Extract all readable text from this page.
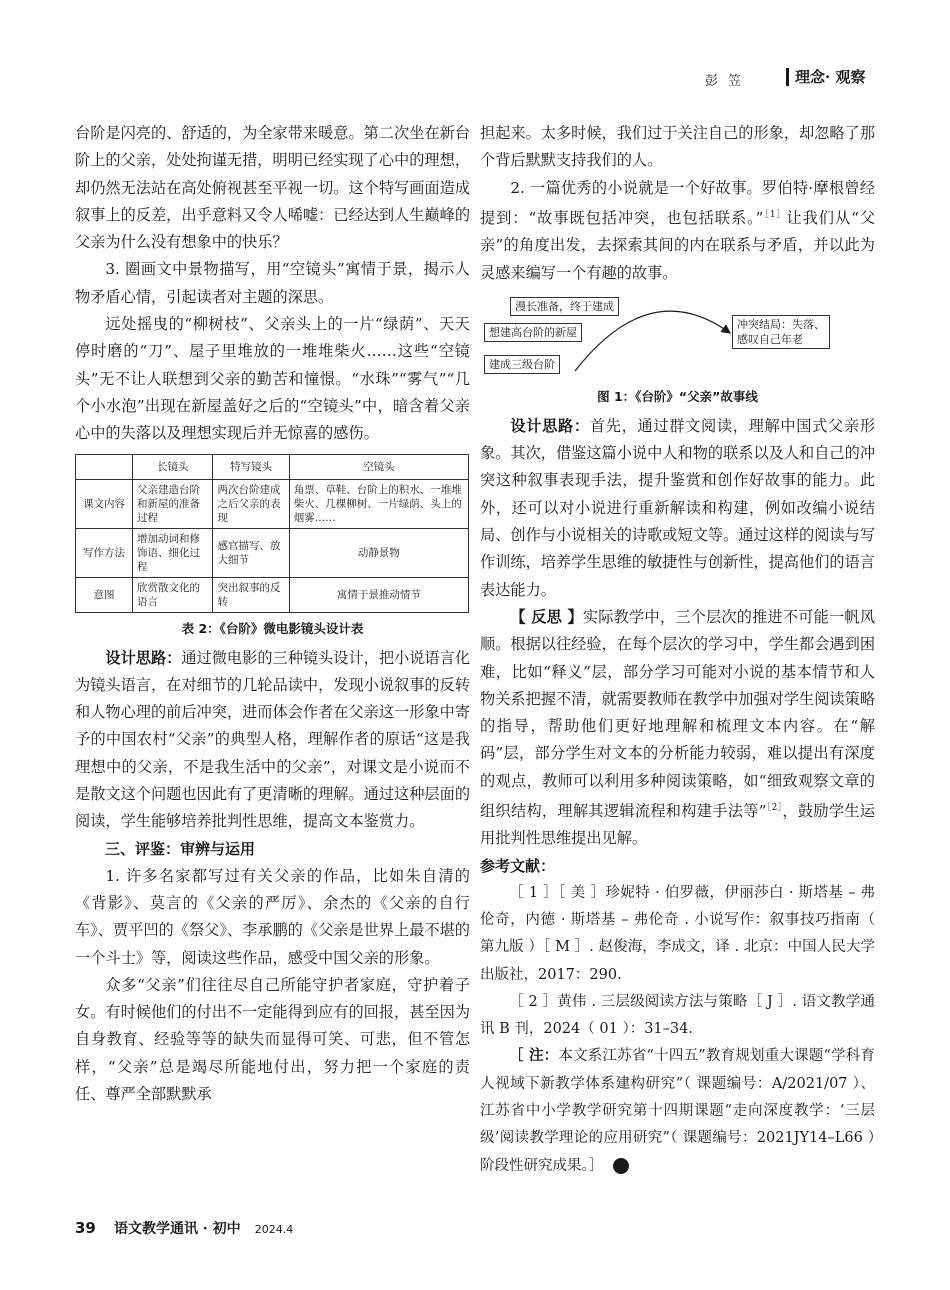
彭笠	理念· 观察

台阶是闪亮的、舒适的，为全家带来暖意。第二次坐在新台阶上的父亲，处处拘谨无措，明明已经实现了心中的理想，却仍然无法站在高处俯视甚至平视一切。这个特写画面造成叙事上的反差，出乎意料又令人唏嘘：已经达到人生巅峰的父亲为什么没有想象中的快乐？

3. 圈画文中景物描写，用“空镜头”寓情于景，揭示人物矛盾心情，引起读者对主题的深思。

远处摇曳的“柳树枝”、父亲头上的一片“绿荫”、天天停时磨的“刀”、屋子里堆放的一堆堆柴火……这些“空镜头”无不让人联想到父亲的勤苦和憧憬。“水珠”“雾气”“几个小水泡”出现在新屋盖好之后的“空镜头”中，暗含着父亲心中的失落以及理想实现后并无惊喜的感伤。

	长镜头	特写镜头	空镜头
课文内容	父亲建造台阶和新屋的准备过程	两次台阶建成之后父亲的表现	角票、草鞋、台阶上的积水、一堆堆柴火、几棵柳树、一片绿荫、头上的烟雾……
写作方法	增加动词和修饰语、细化过程	感官描写、放大细节	动静景物
意图	欣赏散文化的语言	突出叙事的反转	寓情于景推动情节
表 2：《台阶》微电影镜头设计表

设计思路：通过微电影的三种镜头设计，把小说语言化为镜头语言，在对细节的几轮品读中，发现小说叙事的反转和人物心理的前后冲突，进而体会作者在父亲这一形象中寄予的中国农村“父亲”的典型人格，理解作者的原话“这是我理想中的父亲，不是我生活中的父亲”，对课文是小说而不是散文这个问题也因此有了更清晰的理解。通过这种层面的阅读，学生能够培养批判性思维，提高文本鉴赏力。

三、评鉴：审辨与运用

1. 许多名家都写过有关父亲的作品，比如朱自清的《背影》、莫言的《父亲的严厉》、余杰的《父亲的自行车》、贾平凹的《祭父》、李承鹏的《父亲是世界上最不堪的一个斗士》等，阅读这些作品，感受中国父亲的形象。

众多“父亲”们往往尽自己所能守护者家庭，守护着子女。有时候他们的付出不一定能得到应有的回报，甚至因为自身教育、经验等等的缺失而显得可笑、可悲，但不管怎样，“父亲”总是竭尽所能地付出，努力把一个家庭的责任、尊严全部默默承

担起来。太多时候，我们过于关注自己的形象，却忽略了那个背后默默支持我们的人。

2. 一篇优秀的小说就是一个好故事。罗伯特·摩根曾经提到：“故事既包括冲突，也包括联系。”$^{[1]}$让我们从“父亲”的角度出发，去探索其间的内在联系与矛盾，并以此为灵感来编写一个有趣的故事。

漫长准备，终于建成
想建高台阶的新屋
建成三级台阶
冲突结局：失落、
感叹自己年老
图 1：《台阶》“父亲”故事线

设计思路：首先，通过群文阅读，理解中国式父亲形象。其次，借鉴这篇小说中人和物的联系以及人和自己的冲突这种叙事表现手法，提升鉴赏和创作好故事的能力。此外，还可以对小说进行重新解读和构建，例如改编小说结局、创作与小说相关的诗歌或短文等。通过这样的阅读与写作训练，培养学生思维的敏捷性与创新性，提高他们的语言表达能力。

【 反思 】实际教学中，三个层次的推进不可能一帆风顺。根据以往经验，在每个层次的学习中，学生都会遇到困难，比如“释义”层，部分学习可能对小说的基本情节和人物关系把握不清，就需要教师在教学中加强对学生阅读策略的指导，帮助他们更好地理解和梳理文本内容。在“解码”层，部分学生对文本的分析能力较弱，难以提出有深度的观点，教师可以利用多种阅读策略，如“细致观察文章的组织结构，理解其逻辑流程和构建手法等”$^{[2]}$，鼓励学生运用批判性思维提出见解。

参考文献：
［ 1 ］［ 美 ］珍妮特 · 伯罗薇，伊丽莎白 · 斯塔基 – 弗伦奇，内德 · 斯塔基 – 弗伦奇 . 小说写作：叙事技巧指南（ 第九版 ）［ M ］. 赵俊海，李成文，译 . 北京：中国人民大学出版社，2017：290.
［ 2 ］黄伟 . 三层级阅读方法与策略［ J ］. 语文教学通讯 B 刊，2024（ 01 ）：31–34.
［ 注：本文系江苏省“十四五”教育规划重大课题“学科育人视域下新教学体系建构研究”（ 课题编号：A/2021/07 ）、江苏省中小学教学研究第十四期课题“走向深度教学：‘三层级’阅读教学理论的应用研究”（ 课题编号：2021JY14–L66 ）阶段性研究成果。］	Z
39 语文教学通讯 · 初中 2024.4
